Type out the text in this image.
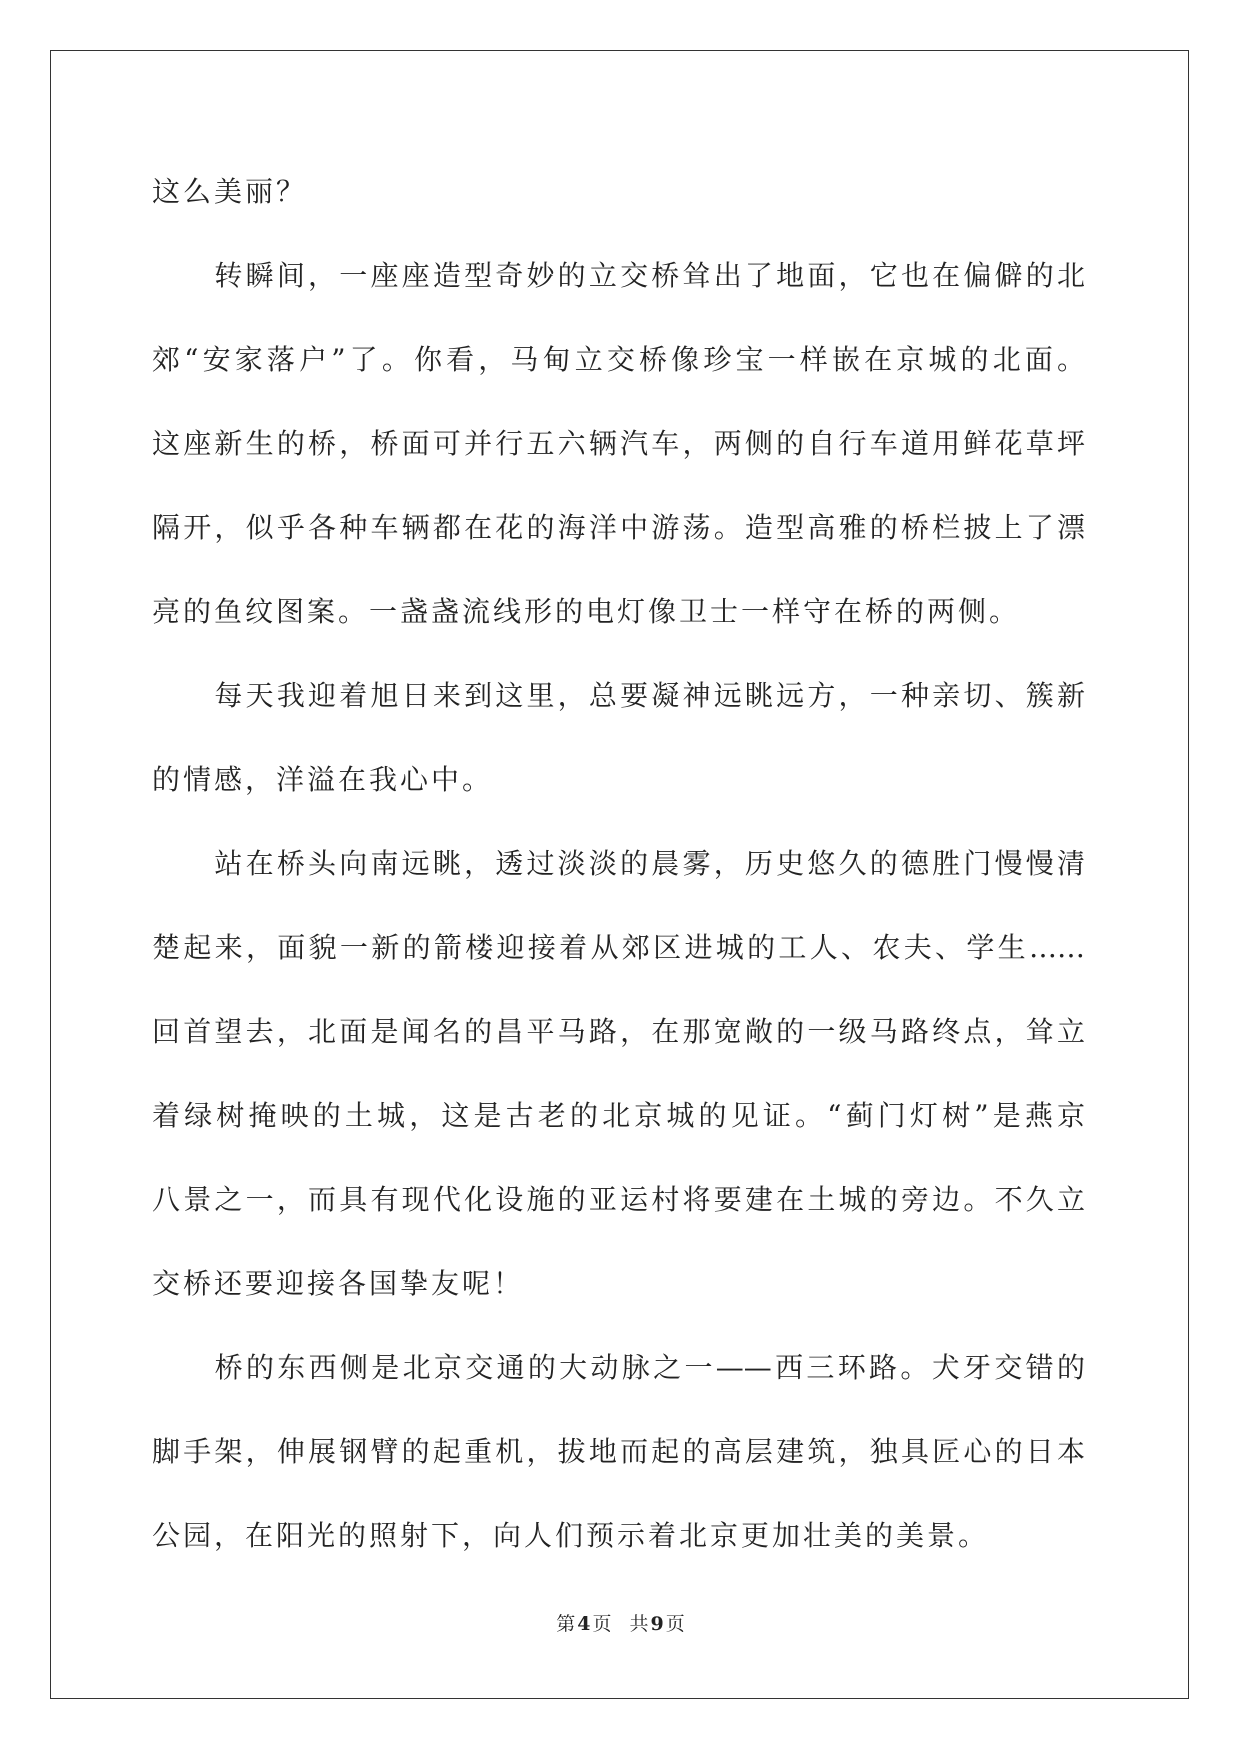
这么美丽？
　　转瞬间，一座座造型奇妙的立交桥耸出了地面，它也在偏僻的北
郊“安家落户”了。你看，马甸立交桥像珍宝一样嵌在京城的北面。
这座新生的桥，桥面可并行五六辆汽车，两侧的自行车道用鲜花草坪
隔开，似乎各种车辆都在花的海洋中游荡。造型高雅的桥栏披上了漂
亮的鱼纹图案。一盏盏流线形的电灯像卫士一样守在桥的两侧。
　　每天我迎着旭日来到这里，总要凝神远眺远方，一种亲切、簇新
的情感，洋溢在我心中。
　　站在桥头向南远眺，透过淡淡的晨雾，历史悠久的德胜门慢慢清
楚起来，面貌一新的箭楼迎接着从郊区进城的工人、农夫、学生……
回首望去，北面是闻名的昌平马路，在那宽敞的一级马路终点，耸立
着绿树掩映的土城，这是古老的北京城的见证。“蓟门灯树”是燕京
八景之一，而具有现代化设施的亚运村将要建在土城的旁边。不久立
交桥还要迎接各国挚友呢！
　　桥的东西侧是北京交通的大动脉之一——西三环路。犬牙交错的
脚手架，伸展钢臂的起重机，拔地而起的高层建筑，独具匠心的日本
公园，在阳光的照射下，向人们预示着北京更加壮美的美景。
第 4 页 共 9 页
